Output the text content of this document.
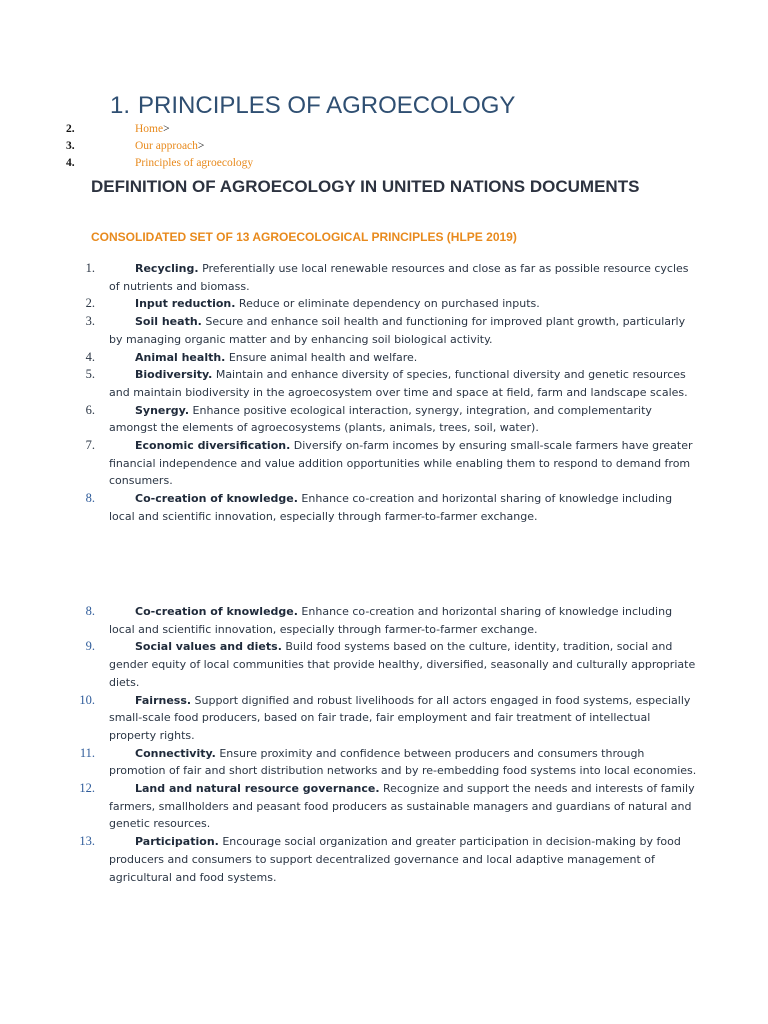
1. PRINCIPLES OF AGROECOLOGY
2.	Home>
3.	Our approach>
4.	Principles of agroecology
DEFINITION OF AGROECOLOGY IN UNITED NATIONS DOCUMENTS
CONSOLIDATED SET OF 13 AGROECOLOGICAL PRINCIPLES (HLPE 2019)
1.	Recycling. Preferentially use local renewable resources and close as far as possible resource cycles of nutrients and biomass.
2.	Input reduction. Reduce or eliminate dependency on purchased inputs.
3.	Soil heath. Secure and enhance soil health and functioning for improved plant growth, particularly by managing organic matter and by enhancing soil biological activity.
4.	Animal health. Ensure animal health and welfare.
5.	Biodiversity. Maintain and enhance diversity of species, functional diversity and genetic resources and maintain biodiversity in the agroecosystem over time and space at field, farm and landscape scales.
6.	Synergy. Enhance positive ecological interaction, synergy, integration, and complementarity amongst the elements of agroecosystems (plants, animals, trees, soil, water).
7.	Economic diversification. Diversify on-farm incomes by ensuring small-scale farmers have greater financial independence and value addition opportunities while enabling them to respond to demand from consumers.
8.	Co-creation of knowledge. Enhance co-creation and horizontal sharing of knowledge including local and scientific innovation, especially through farmer-to-farmer exchange.
8.	Co-creation of knowledge. Enhance co-creation and horizontal sharing of knowledge including local and scientific innovation, especially through farmer-to-farmer exchange.
9.	Social values and diets. Build food systems based on the culture, identity, tradition, social and gender equity of local communities that provide healthy, diversified, seasonally and culturally appropriate diets.
10.	Fairness. Support dignified and robust livelihoods for all actors engaged in food systems, especially small-scale food producers, based on fair trade, fair employment and fair treatment of intellectual property rights.
11.	Connectivity. Ensure proximity and confidence between producers and consumers through promotion of fair and short distribution networks and by re-embedding food systems into local economies.
12.	Land and natural resource governance. Recognize and support the needs and interests of family farmers, smallholders and peasant food producers as sustainable managers and guardians of natural and genetic resources.
13.	Participation. Encourage social organization and greater participation in decision-making by food producers and consumers to support decentralized governance and local adaptive management of agricultural and food systems.
